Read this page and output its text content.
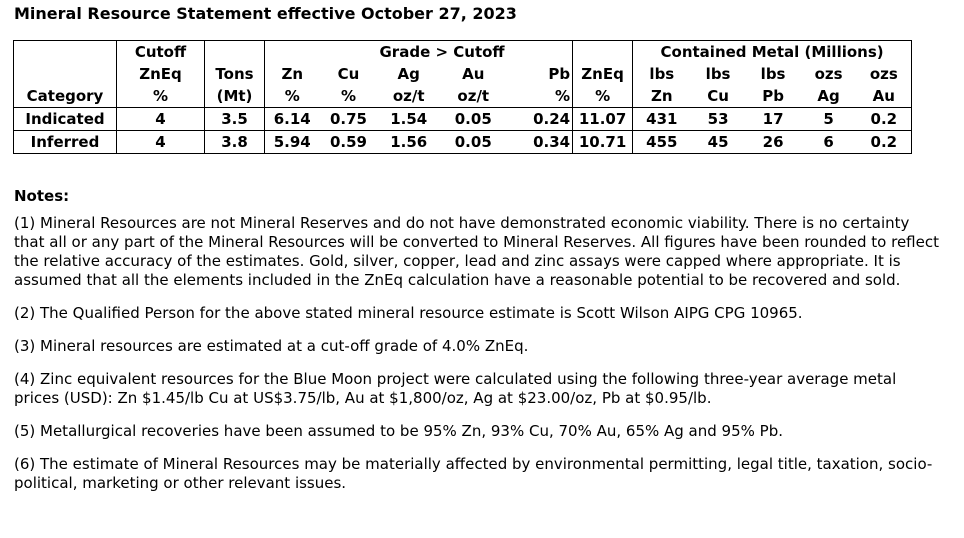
Mineral Resource Statement effective October 27, 2023
	Cutoff				Grade > Cutoff				Contained Metal (Millions)				
	ZnEq	Tons	Zn	Cu	Ag	Au	Pb	ZnEq	lbs	lbs	lbs	ozs	ozs
Category	%	(Mt)	%	%	oz/t	oz/t	%	%	Zn	Cu	Pb	Ag	Au
Indicated	4	3.5	6.14	0.75	1.54	0.05	0.24	11.07	431	53	17	5	0.2
Inferred	4	3.8	5.94	0.59	1.56	0.05	0.34	10.71	455	45	26	6	0.2
Notes:

(1) Mineral Resources are not Mineral Reserves and do not have demonstrated economic viability. There is no certainty that all or any part of the Mineral Resources will be converted to Mineral Reserves. All figures have been rounded to reflect the relative accuracy of the estimates. Gold, silver, copper, lead and zinc assays were capped where appropriate. It is assumed that all the elements included in the ZnEq calculation have a reasonable potential to be recovered and sold.

(2) The Qualified Person for the above stated mineral resource estimate is Scott Wilson AIPG CPG 10965.

(3) Mineral resources are estimated at a cut-off grade of 4.0% ZnEq.

(4) Zinc equivalent resources for the Blue Moon project were calculated using the following three-year average metal prices (USD): Zn $1.45/lb Cu at US$3.75/lb, Au at $1,800/oz, Ag at $23.00/oz, Pb at $0.95/lb.

(5) Metallurgical recoveries have been assumed to be 95% Zn, 93% Cu, 70% Au, 65% Ag and 95% Pb.

(6) The estimate of Mineral Resources may be materially affected by environmental permitting, legal title, taxation, socio-political, marketing or other relevant issues.
